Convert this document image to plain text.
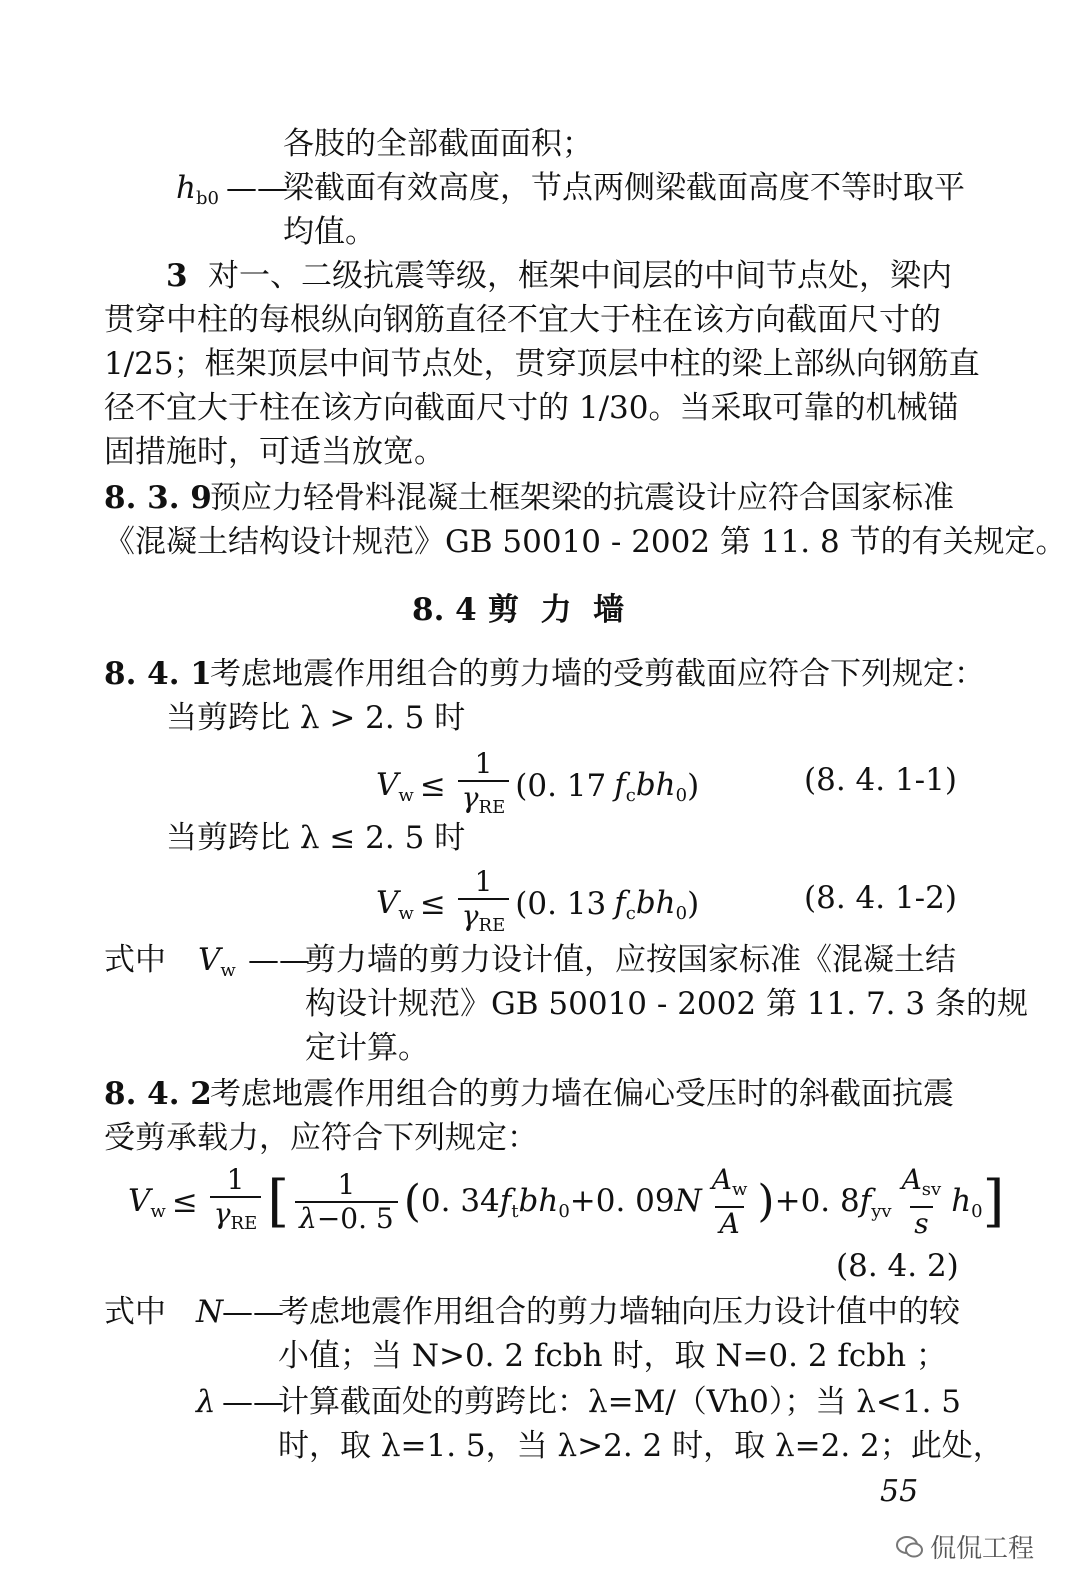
各肢的全部截面面积；
$h_{b0}$ ——
梁截面有效高度，节点两侧梁截面高度不等时取平
均值。
3 对一、二级抗震等级，框架中间层的中间节点处，梁内
贯穿中柱的每根纵向钢筋直径不宜大于柱在该方向截面尺寸的
1/25；框架顶层中间节点处，贯穿顶层中柱的梁上部纵向钢筋直
径不宜大于柱在该方向截面尺寸的 1/30。当采取可靠的机械锚
固措施时，可适当放宽。
8. 3. 9
预应力轻骨料混凝土框架梁的抗震设计应符合国家标准
《混凝土结构设计规范》GB 50010 - 2002 第 11. 8 节的有关规定。
8. 4 剪  力  墙
8. 4. 1
考虑地震作用组合的剪力墙的受剪截面应符合下列规定：
当剪跨比 λ > 2. 5 时
$V_w \le \frac{1}{\gamma_{RE}}$ ( 0. 17 $f_cbh_0$ )	(8. 4. 1-1)
当剪跨比 λ ≤ 2. 5 时
$V_w \le \frac{1}{\gamma_{RE}}$ ( 0. 13 $f_cbh_0$ )	(8. 4. 1-2)
式中 $V_w$ ——
剪力墙的剪力设计值，应按国家标准《混凝土结
构设计规范》GB 50010 - 2002 第 11. 7. 3 条的规
定计算。
8. 4. 2
考虑地震作用组合的剪力墙在偏心受压时的斜截面抗震
受剪承载力，应符合下列规定：
$V_w \le \frac{1}{\gamma_{RE}}$ [ $\frac{1}{\lambda-0. 5}$ ( 0. $34f_tbh_0+0$. $09N \frac{A_w}{A}$ ) +0. $8f_{yv} \frac{A_{sv}}{s} h_0$ ]
(8. 4. 2)
式中 N
——
考虑地震作用组合的剪力墙轴向压力设计值中的较
小值；当 N>0. 2 fcbh 时，取 N=0. 2 fcbh ；
λ ——
计算截面处的剪跨比：λ=M/（Vh0）；当 λ<1. 5
时，取 λ=1. 5，当 λ>2. 2 时，取 λ=2. 2；此处，
55
侃侃工程
